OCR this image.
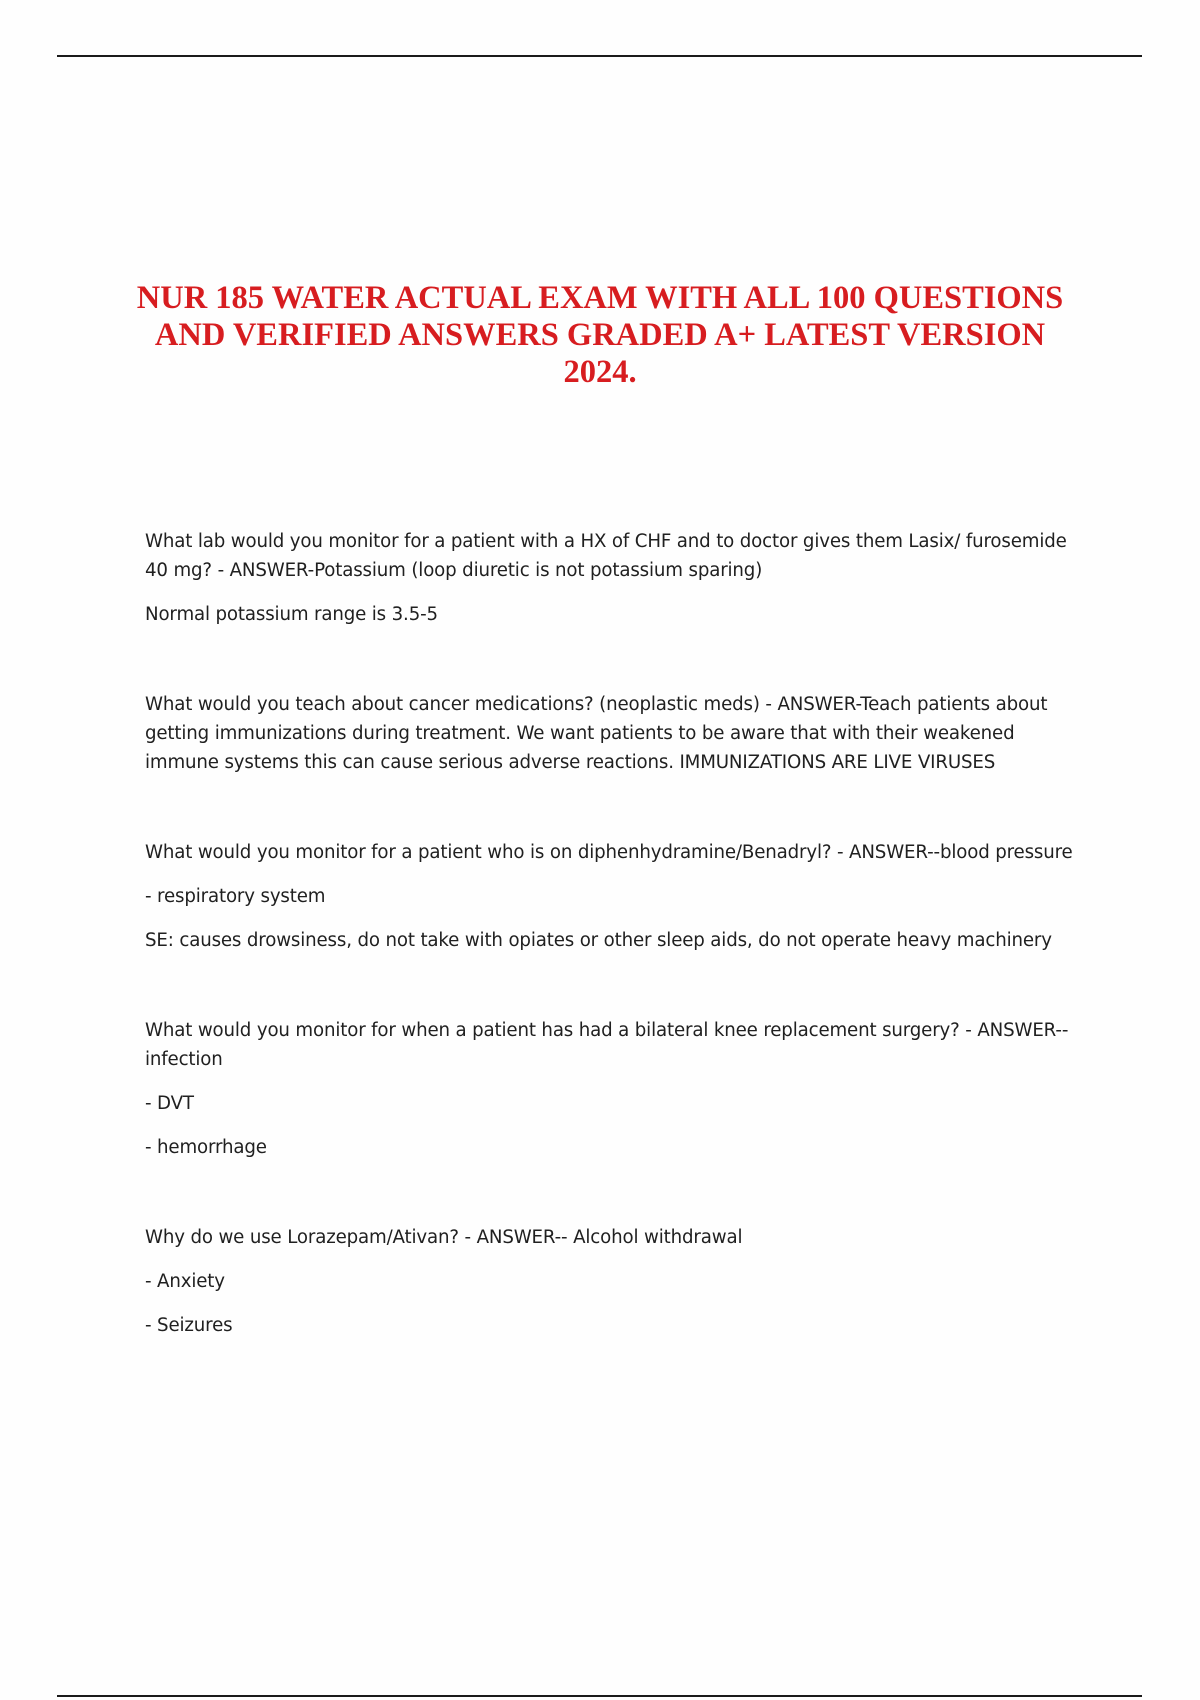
NUR 185 WATER ACTUAL EXAM WITH ALL 100 QUESTIONS AND VERIFIED ANSWERS GRADED A+ LATEST VERSION 2024.

What lab would you monitor for a patient with a HX of CHF and to doctor gives them Lasix/ furosemide 40 mg? - ANSWER-Potassium (loop diuretic is not potassium sparing)

Normal potassium range is 3.5-5

What would you teach about cancer medications? (neoplastic meds) - ANSWER-Teach patients about getting immunizations during treatment. We want patients to be aware that with their weakened immune systems this can cause serious adverse reactions. IMMUNIZATIONS ARE LIVE VIRUSES

What would you monitor for a patient who is on diphenhydramine/Benadryl? - ANSWER--blood pressure

- respiratory system

SE: causes drowsiness, do not take with opiates or other sleep aids, do not operate heavy machinery

What would you monitor for when a patient has had a bilateral knee replacement surgery? - ANSWER--infection

- DVT

- hemorrhage

Why do we use Lorazepam/Ativan? - ANSWER-- Alcohol withdrawal

- Anxiety

- Seizures
